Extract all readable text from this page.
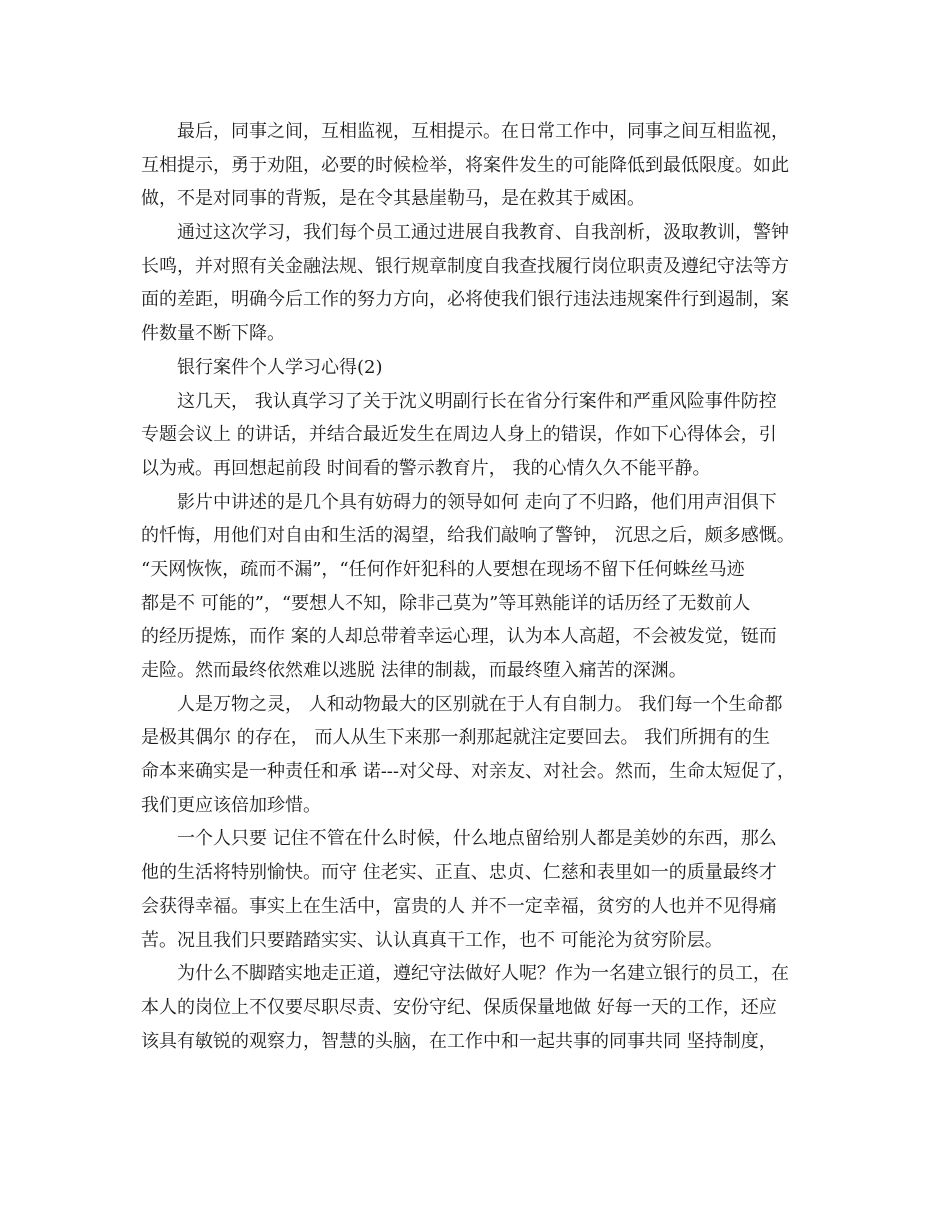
最后，同事之间，互相监视，互相提示。在日常工作中，同事之间互相监视，
互相提示，勇于劝阻，必要的时候检举，将案件发生的可能降低到最低限度。如此
做，不是对同事的背叛，是在令其悬崖勒马，是在救其于威困。
通过这次学习，我们每个员工通过进展自我教育、自我剖析，汲取教训，警钟
长鸣，并对照有关金融法规、银行规章制度自我查找履行岗位职责及遵纪守法等方
面的差距，明确今后工作的努力方向，必将使我们银行违法违规案件行到遏制，案
件数量不断下降。
银行案件个人学习心得(2)
这几天， 我认真学习了关于沈义明副行长在省分行案件和严重风险事件防控
专题会议上 的讲话，并结合最近发生在周边人身上的错误，作如下心得体会，引
以为戒。再回想起前段 时间看的警示教育片， 我的心情久久不能平静。
影片中讲述的是几个具有妨碍力的领导如何 走向了不归路，他们用声泪俱下
的忏悔，用他们对自由和生活的渴望，给我们敲响了警钟， 沉思之后，颇多感慨。
“天网恢恢，疏而不漏”，“任何作奸犯科的人要想在现场不留下任何蛛丝马迹
都是不 可能的”，“要想人不知，除非己莫为”等耳熟能详的话历经了无数前人
的经历提炼，而作 案的人却总带着幸运心理，认为本人高超，不会被发觉，铤而
走险。然而最终依然难以逃脱 法律的制裁，而最终堕入痛苦的深渊。
人是万物之灵， 人和动物最大的区别就在于人有自制力。 我们每一个生命都
是极其偶尔 的存在， 而人从生下来那一刹那起就注定要回去。 我们所拥有的生
命本来确实是一种责任和承 诺---对父母、对亲友、对社会。然而，生命太短促了，
我们更应该倍加珍惜。
一个人只要 记住不管在什么时候，什么地点留给别人都是美妙的东西，那么
他的生活将特别愉快。而守 住老实、正直、忠贞、仁慈和表里如一的质量最终才
会获得幸福。事实上在生活中，富贵的人 并不一定幸福，贫穷的人也并不见得痛
苦。况且我们只要踏踏实实、认认真真干工作，也不 可能沦为贫穷阶层。
为什么不脚踏实地走正道，遵纪守法做好人呢？作为一名建立银行的员工，在
本人的岗位上不仅要尽职尽责、安份守纪、保质保量地做 好每一天的工作，还应
该具有敏锐的观察力，智慧的头脑，在工作中和一起共事的同事共同 坚持制度，
